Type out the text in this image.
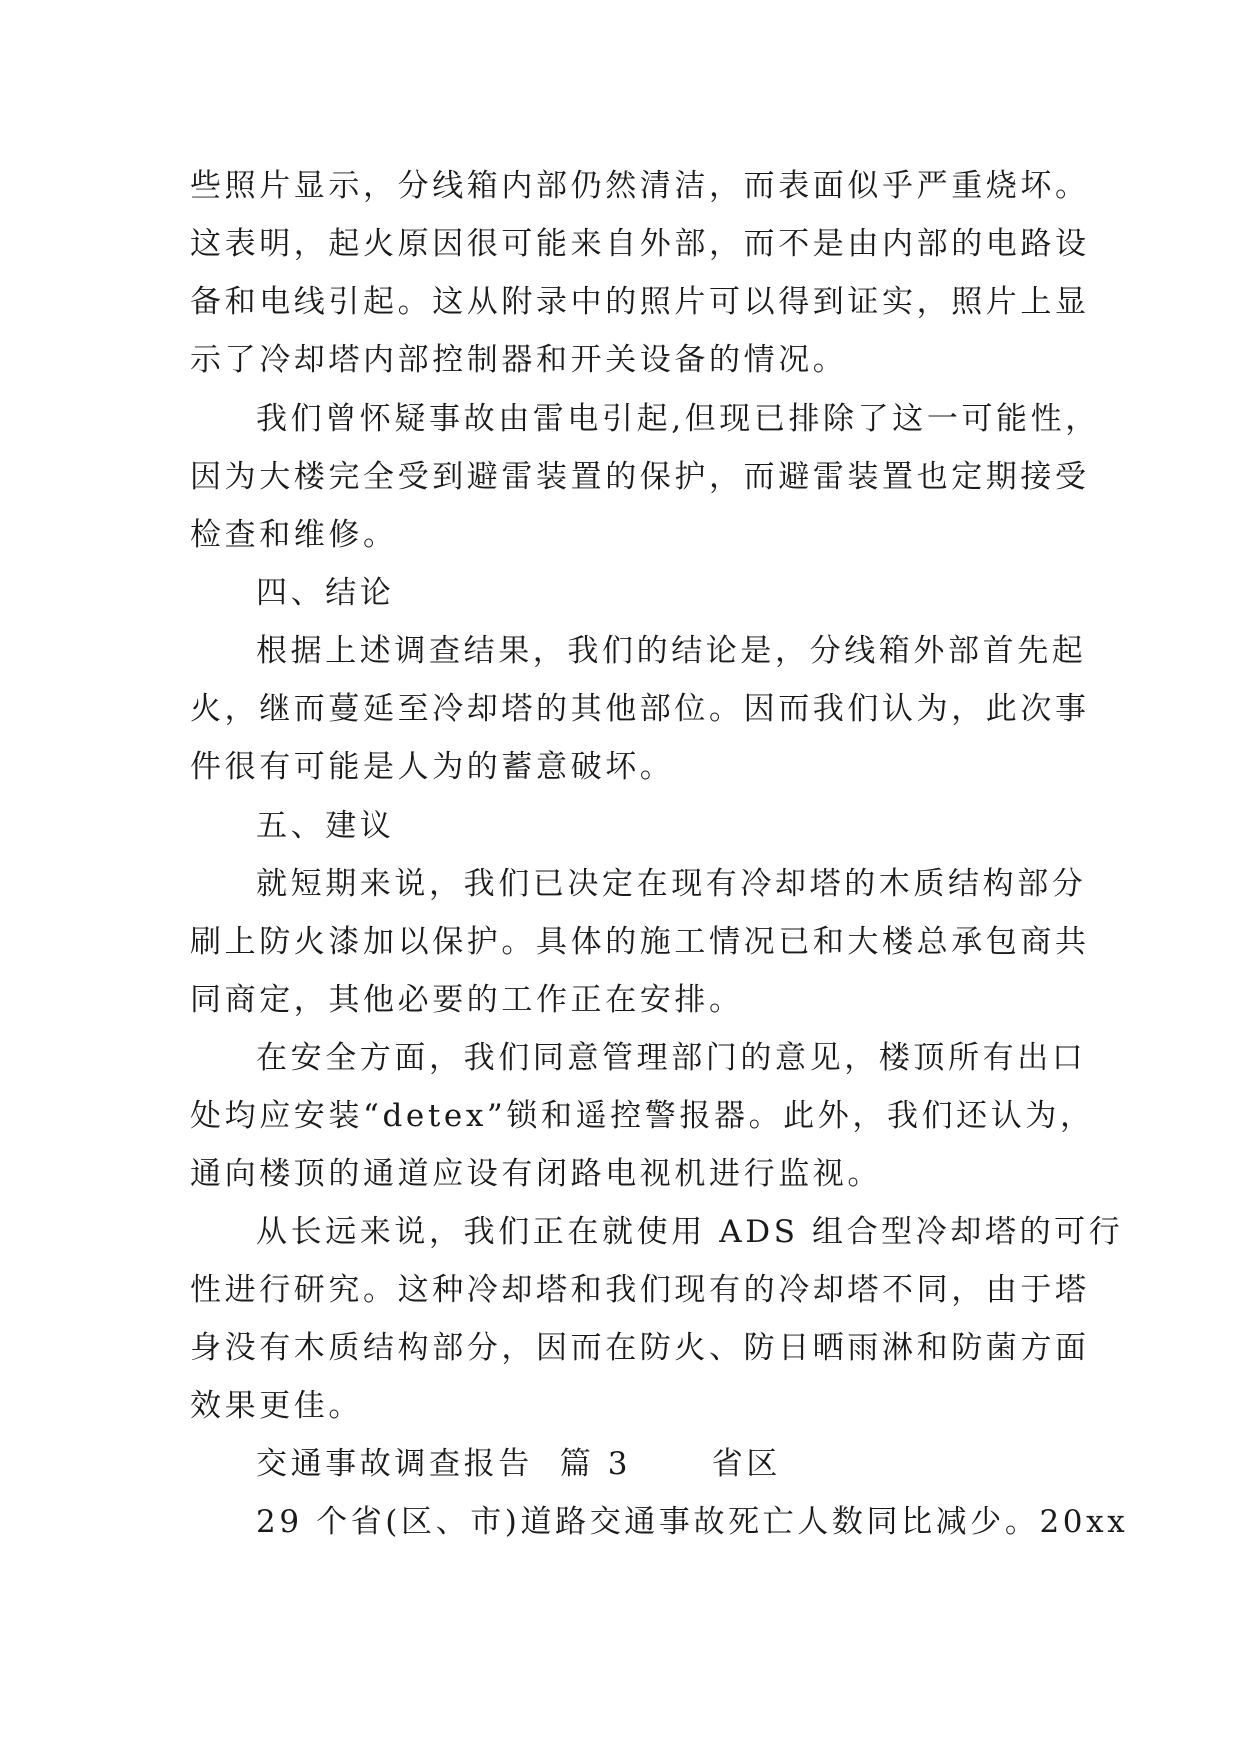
些照片显示，分线箱内部仍然清洁，而表面似乎严重烧坏。
这表明，起火原因很可能来自外部，而不是由内部的电路设
备和电线引起。这从附录中的照片可以得到证实，照片上显
示了冷却塔内部控制器和开关设备的情况。
我们曾怀疑事故由雷电引起,但现已排除了这一可能性，
因为大楼完全受到避雷装置的保护，而避雷装置也定期接受
检查和维修。
四、结论
根据上述调查结果，我们的结论是，分线箱外部首先起
火，继而蔓延至冷却塔的其他部位。因而我们认为，此次事
件很有可能是人为的蓄意破坏。
五、建议
就短期来说，我们已决定在现有冷却塔的木质结构部分
刷上防火漆加以保护。具体的施工情况已和大楼总承包商共
同商定，其他必要的工作正在安排。
在安全方面，我们同意管理部门的意见，楼顶所有出口
处均应安装“detex”锁和遥控警报器。此外，我们还认为，
通向楼顶的通道应设有闭路电视机进行监视。
从长远来说，我们正在就使用 ADS 组合型冷却塔的可行
性进行研究。这种冷却塔和我们现有的冷却塔不同，由于塔
身没有木质结构部分，因而在防火、防日晒雨淋和防菌方面
效果更佳。
交通事故调查报告  篇 3      省区
29 个省(区、市)道路交通事故死亡人数同比减少。20xx
